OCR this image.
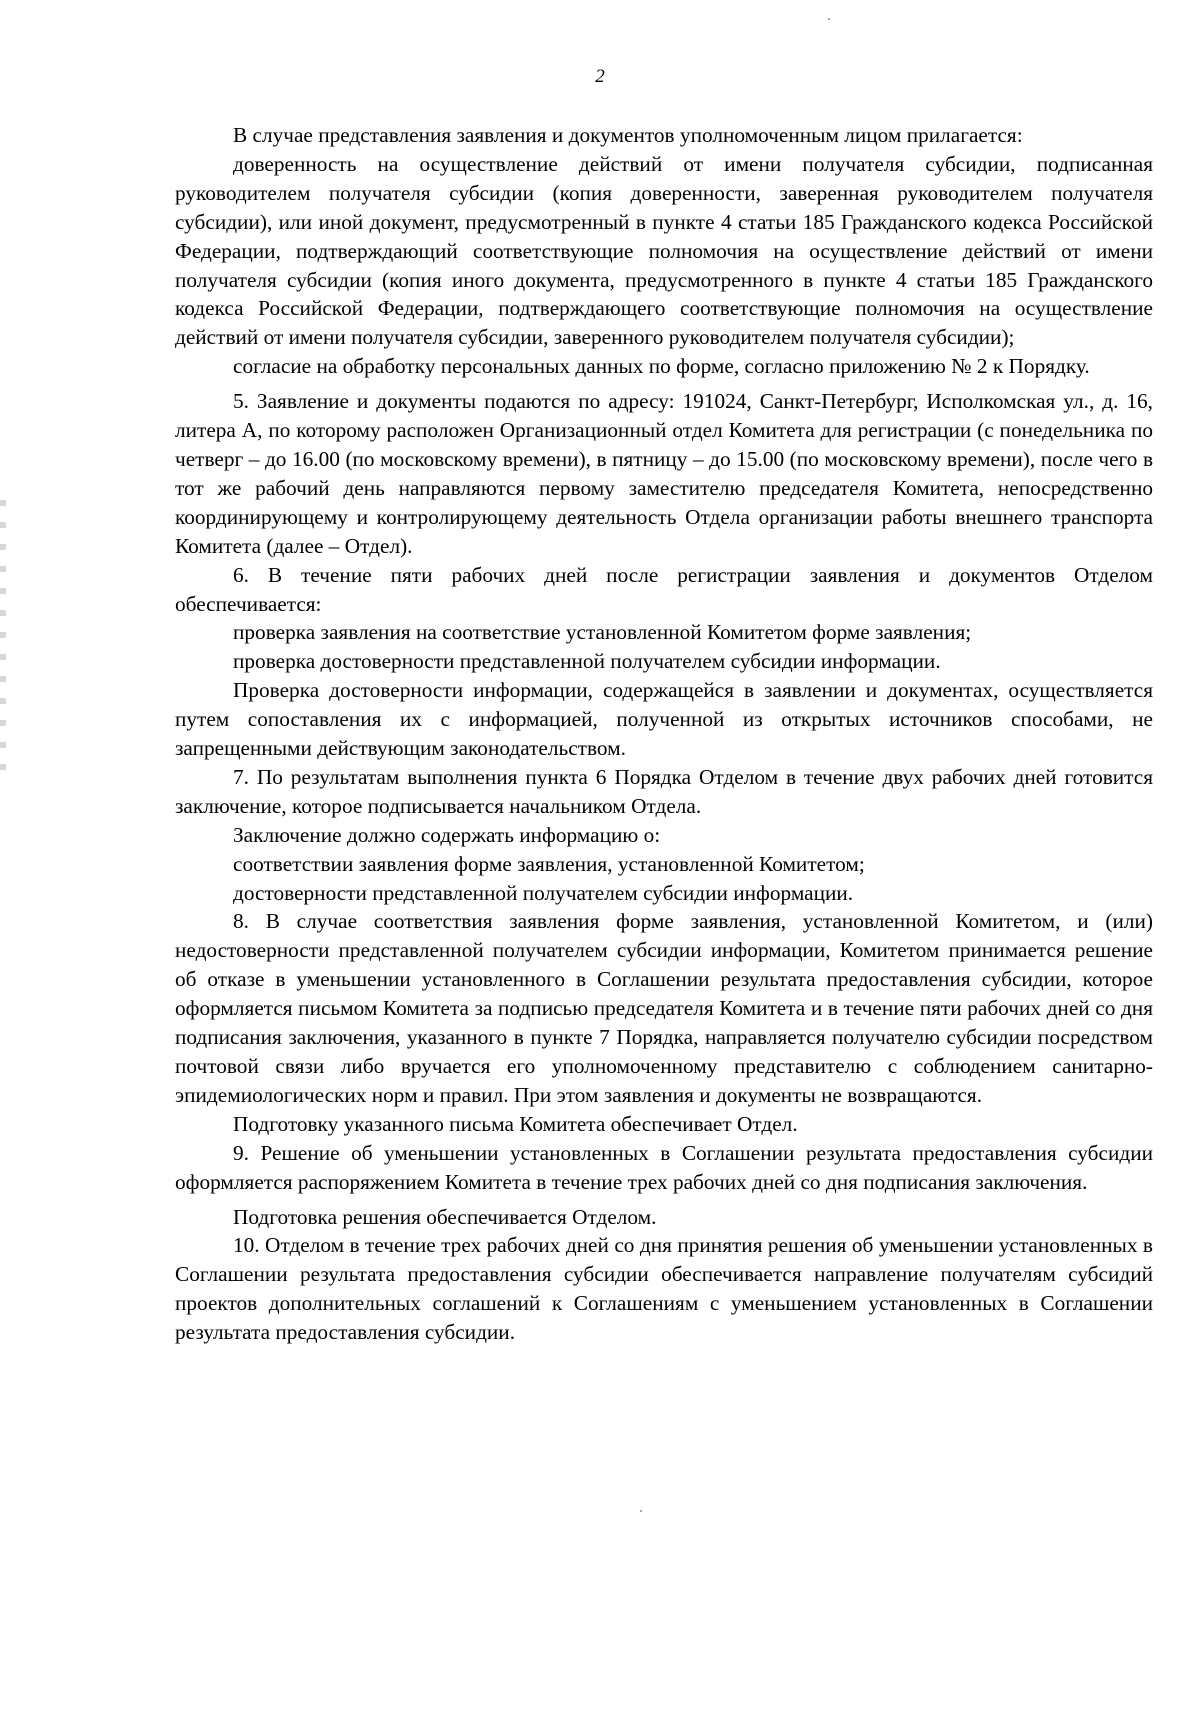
2

В случае представления заявления и документов уполномоченным лицом прилагается:

доверенность на осуществление действий от имени получателя субсидии, подписанная руководителем получателя субсидии (копия доверенности, заверенная руководителем получателя субсидии), или иной документ, предусмотренный в пункте 4 статьи 185 Гражданского кодекса Российской Федерации, подтверждающий соответствующие полномочия на осуществление действий от имени получателя субсидии (копия иного документа, предусмотренного в пункте 4 статьи 185 Гражданского кодекса Российской Федерации, подтверждающего соответствующие полномочия на осуществление действий от имени получателя субсидии, заверенного руководителем получателя субсидии);

согласие на обработку персональных данных по форме, согласно приложению № 2 к Порядку.

5. Заявление и документы подаются по адресу: 191024, Санкт-Петербург, Исполкомская ул., д. 16, литера А, по которому расположен Организационный отдел Комитета для регистрации (с понедельника по четверг – до 16.00 (по московскому времени), в пятницу – до 15.00 (по московскому времени), после чего в тот же рабочий день направляются первому заместителю председателя Комитета, непосредственно координирующему и контролирующему деятельность Отдела организации работы внешнего транспорта Комитета (далее – Отдел).

6. В течение пяти рабочих дней после регистрации заявления и документов Отделом обеспечивается:

проверка заявления на соответствие установленной Комитетом форме заявления;

проверка достоверности представленной получателем субсидии информации.

Проверка достоверности информации, содержащейся в заявлении и документах, осуществляется путем сопоставления их с информацией, полученной из открытых источников способами, не запрещенными действующим законодательством.

7. По результатам выполнения пункта 6 Порядка Отделом в течение двух рабочих дней готовится заключение, которое подписывается начальником Отдела.

Заключение должно содержать информацию о:

соответствии заявления форме заявления, установленной Комитетом;

достоверности представленной получателем субсидии информации.

8. В случае соответствия заявления форме заявления, установленной Комитетом, и (или) недостоверности представленной получателем субсидии информации, Комитетом принимается решение об отказе в уменьшении установленного в Соглашении результата предоставления субсидии, которое оформляется письмом Комитета за подписью председателя Комитета и в течение пяти рабочих дней со дня подписания заключения, указанного в пункте 7 Порядка, направляется получателю субсидии посредством почтовой связи либо вручается его уполномоченному представителю с соблюдением санитарно-эпидемиологических норм и правил. При этом заявления и документы не возвращаются.

Подготовку указанного письма Комитета обеспечивает Отдел.

9. Решение об уменьшении установленных в Соглашении результата предоставления субсидии оформляется распоряжением Комитета в течение трех рабочих дней со дня подписания заключения.

Подготовка решения обеспечивается Отделом.

10. Отделом в течение трех рабочих дней со дня принятия решения об уменьшении установленных в Соглашении результата предоставления субсидии обеспечивается направление получателям субсидий проектов дополнительных соглашений к Соглашениям с уменьшением установленных в Соглашении результата предоставления субсидии.
